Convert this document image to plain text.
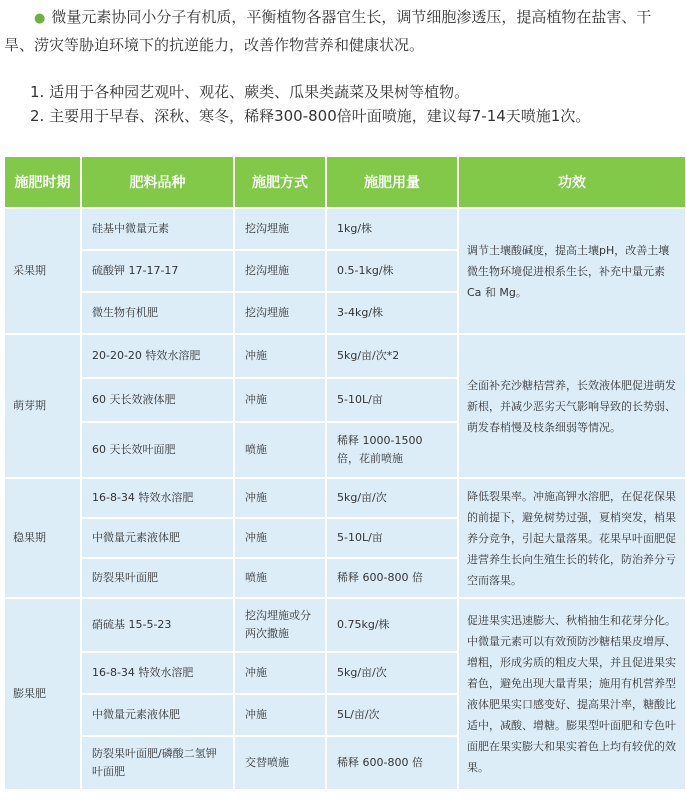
● 微量元素协同小分子有机质，平衡植物各器官生长，调节细胞渗透压，提高植物在盐害、干旱、涝灾等胁迫环境下的抗逆能力，改善作物营养和健康状况。
1. 适用于各种园艺观叶、观花、蕨类、瓜果类蔬菜及果树等植物。
2. 主要用于早春、深秋、寒冬，稀释300-800倍叶面喷施，建议每7-14天喷施1次。
施肥时期	肥料品种	施肥方式	施肥用量	功效
采果期	硅基中微量元素	挖沟埋施	1kg/株	调节土壤酸碱度，提高土壤pH，改善土壤微生物环境促进根系生长，补充中量元素 Ca 和 Mg。
	硫酸钾 17-17-17	挖沟埋施	0.5-1kg/株	
	微生物有机肥	挖沟埋施	3-4kg/株	
萌芽期	20-20-20 特效水溶肥	冲施	5kg/亩/次*2	全面补充沙糖桔营养，长效液体肥促进萌发新根，并减少恶劣天气影响导致的长势弱、萌发春梢慢及枝条细弱等情况。
	60 天长效液体肥	冲施	5-10L/亩	
	60 天长效叶面肥	喷施	稀释 1000-1500 倍，花前喷施	
稳果期	16-8-34 特效水溶肥	冲施	5kg/亩/次	降低裂果率。冲施高钾水溶肥，在促花保果的前提下，避免树势过强，夏梢突发，梢果养分竞争，引起大量落果。花果早叶面肥促进营养生长向生殖生长的转化，防治养分亏空而落果。
	中微量元素液体肥	冲施	5-10L/亩	
	防裂果叶面肥	喷施	稀释 600-800 倍	
膨果肥	硝硫基 15-5-23	挖沟埋施或分两次撒施	0.75kg/株	促进果实迅速膨大、秋梢抽生和花芽分化。中微量元素可以有效预防沙糖桔果皮增厚、增粗，形成劣质的粗皮大果，并且促进果实着色，避免出现大量青果；施用有机营养型液体肥果实口感变好、提高果汁率，糖酸比适中，减酸、增糖。膨果型叶面肥和专色叶面肥在果实膨大和果实着色上均有较优的效果。
	16-8-34 特效水溶肥	冲施	5kg/亩/次	
	中微量元素液体肥	冲施	5L/亩/次	
	防裂果叶面肥/磷酸二氢钾叶面肥	交替喷施	稀释 600-800 倍	
